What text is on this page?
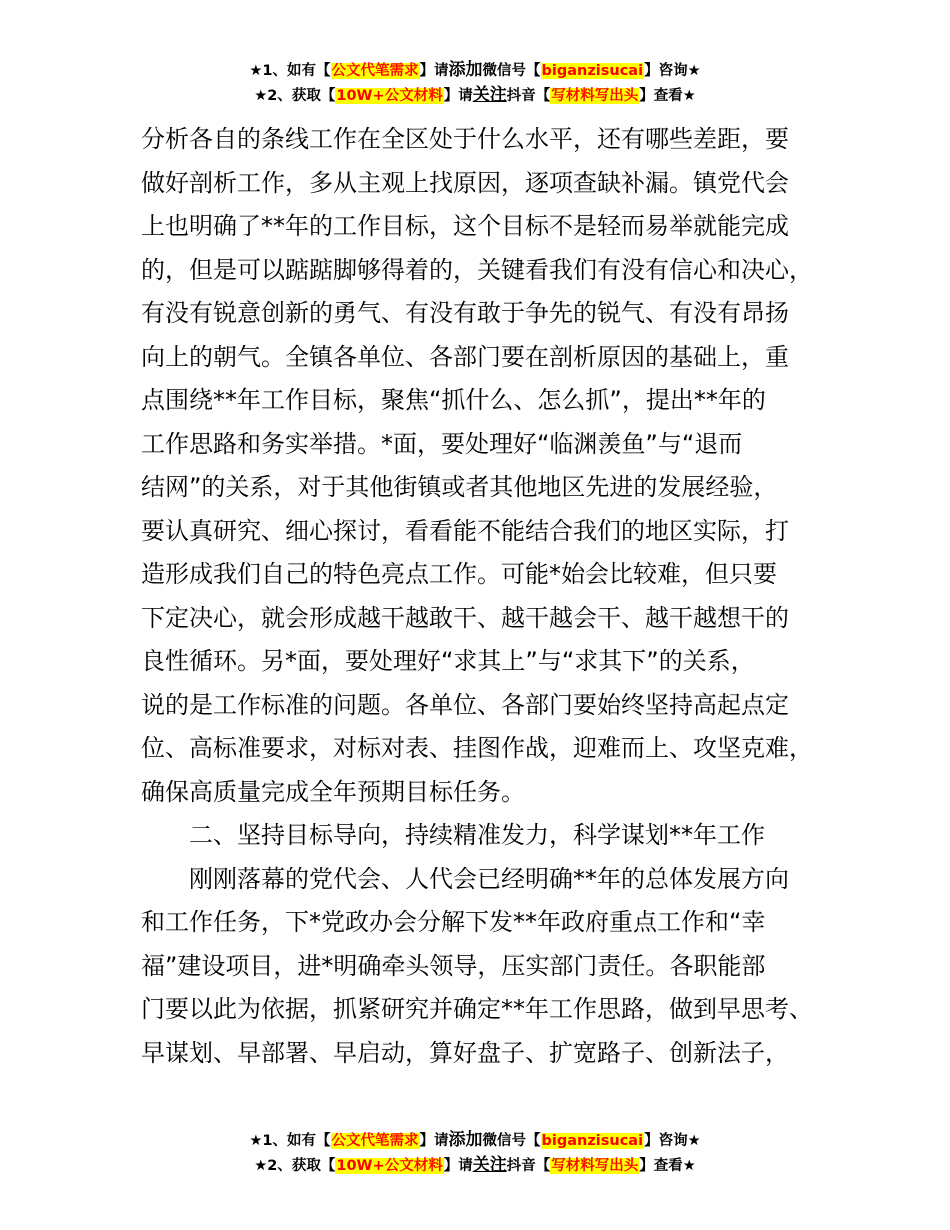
★1、如有【公文代笔需求】请添加微信号【biganzisucai】咨询★
★2、获取【10W+公文材料】请关注抖音【写材料写出头】查看★
分析各自的条线工作在全区处于什么水平，还有哪些差距，要
做好剖析工作，多从主观上找原因，逐项查缺补漏。镇党代会
上也明确了**年的工作目标，这个目标不是轻而易举就能完成
的，但是可以踮踮脚够得着的，关键看我们有没有信心和决心，
有没有锐意创新的勇气、有没有敢于争先的锐气、有没有昂扬
向上的朝气。全镇各单位、各部门要在剖析原因的基础上，重
点围绕**年工作目标，聚焦“抓什么、怎么抓”，提出**年的
工作思路和务实举措。*面，要处理好“临渊羡鱼”与“退而
结网”的关系，对于其他街镇或者其他地区先进的发展经验，
要认真研究、细心探讨，看看能不能结合我们的地区实际，打
造形成我们自己的特色亮点工作。可能*始会比较难，但只要
下定决心，就会形成越干越敢干、越干越会干、越干越想干的
良性循环。另*面，要处理好“求其上”与“求其下”的关系，
说的是工作标准的问题。各单位、各部门要始终坚持高起点定
位、高标准要求，对标对表、挂图作战，迎难而上、攻坚克难，
确保高质量完成全年预期目标任务。
二、坚持目标导向，持续精准发力，科学谋划**年工作
刚刚落幕的党代会、人代会已经明确**年的总体发展方向
和工作任务，下*党政办会分解下发**年政府重点工作和“幸
福”建设项目，进*明确牵头领导，压实部门责任。各职能部
门要以此为依据，抓紧研究并确定**年工作思路，做到早思考、
早谋划、早部署、早启动，算好盘子、扩宽路子、创新法子，
★1、如有【公文代笔需求】请添加微信号【biganzisucai】咨询★
★2、获取【10W+公文材料】请关注抖音【写材料写出头】查看★
